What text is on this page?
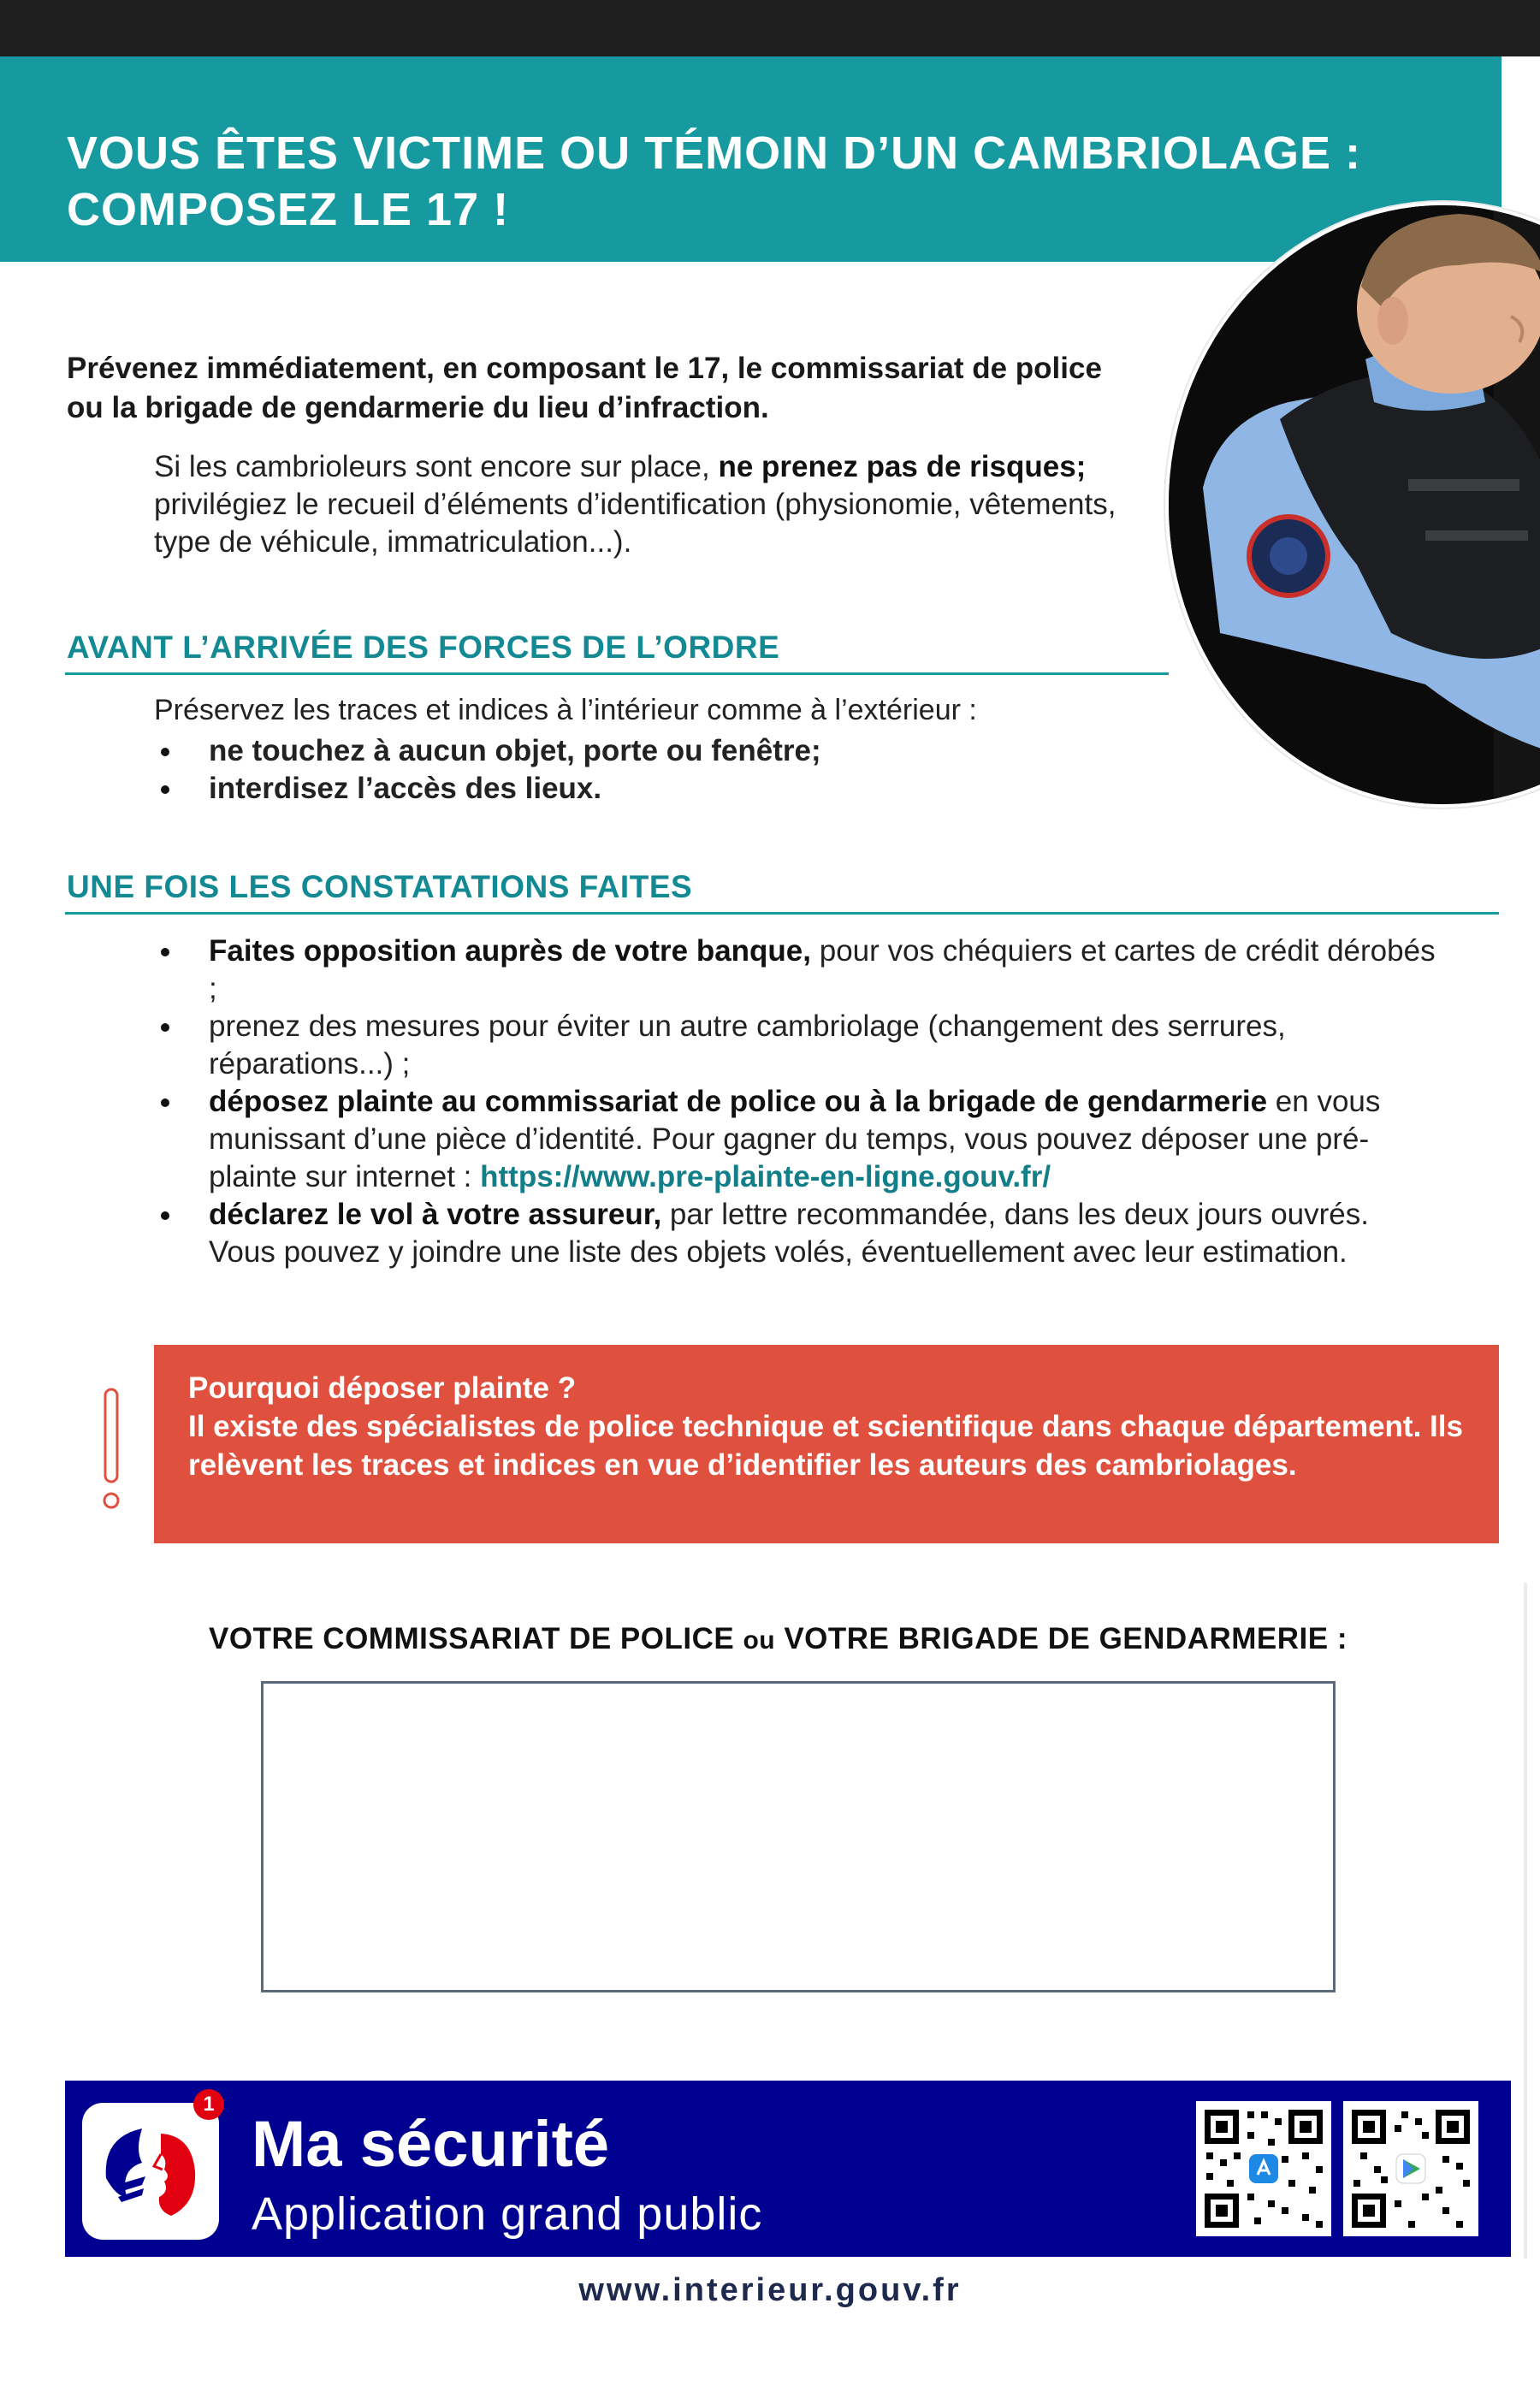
VOUS ÊTES VICTIME OU TÉMOIN D’UN CAMBRIOLAGE :
COMPOSEZ LE 17 !

Prévenez immédiatement, en composant le 17, le commissariat de police ou la brigade de gendarmerie du lieu d’infraction.

Si les cambrioleurs sont encore sur place, ne prenez pas de risques; privilégiez le recueil d’éléments d’identification (physionomie, vêtements, type de véhicule, immatriculation...).

AVANT L’ARRIVÉE DES FORCES DE L’ORDRE

Préservez les traces et indices à l’intérieur comme à l’extérieur :

ne touchez à aucun objet, porte ou fenêtre;
interdisez l’accès des lieux.
UNE FOIS LES CONSTATATIONS FAITES
Faites opposition auprès de votre banque, pour vos chéquiers et cartes de crédit dérobés ;
prenez des mesures pour éviter un autre cambriolage (changement des serrures, réparations...) ;
déposez plainte au commissariat de police ou à la brigade de gendarmerie en vous munissant d’une pièce d’identité. Pour gagner du temps, vous pouvez déposer une pré-plainte sur internet : https://www.pre-plainte-en-ligne.gouv.fr/
déclarez le vol à votre assureur, par lettre recommandée, dans les deux jours ouvrés. Vous pouvez y joindre une liste des objets volés, éventuellement avec leur estimation.

Pourquoi déposer plainte ?
Il existe des spécialistes de police technique et scientifique dans chaque département. Ils relèvent les traces et indices en vue d’identifier les auteurs des cambriolages.

VOTRE COMMISSARIAT DE POLICE ou VOTRE BRIGADE DE GENDARMERIE :

1

Ma sécurité

Application grand public

www.interieur.gouv.fr
